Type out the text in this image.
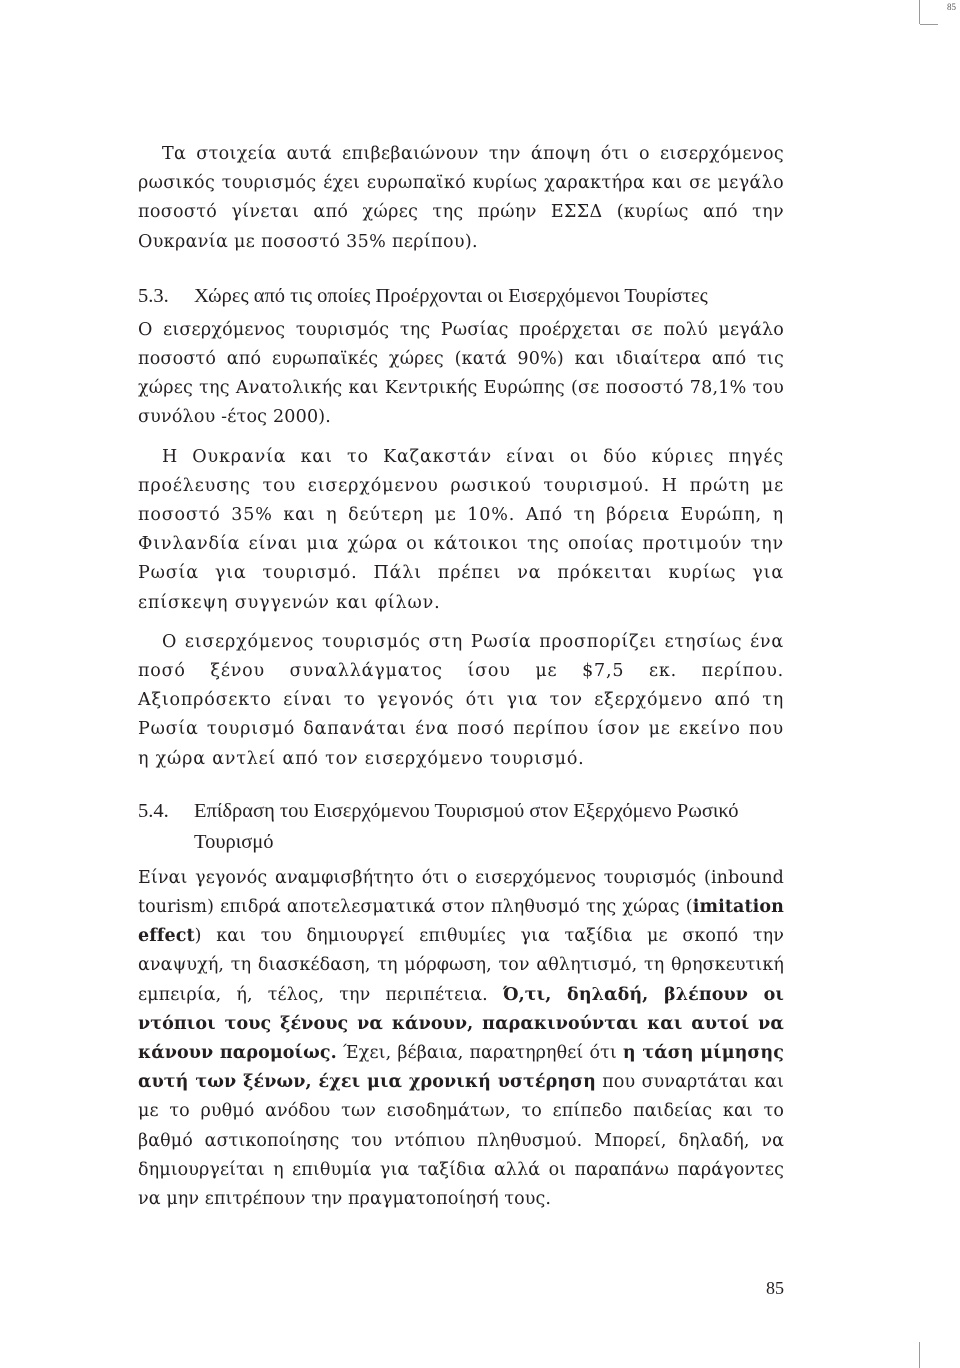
85

Τα στοιχεία αυτά επιβεβαιώνουν την άποψη ότι ο εισερχόμενος ρωσικός τουρισμός έχει ευρωπαϊκό κυρίως χαρακτήρα και σε μεγάλο ποσοστό γίνεται από χώρες της πρώην ΕΣΣΔ (κυρίως από την Ουκρανία με ποσοστό 35% περίπου).

5.3.	Χώρες από τις οποίες Προέρχονται οι Εισερχόμενοι Τουρίστες

Ο εισερχόμενος τουρισμός της Ρωσίας προέρχεται σε πολύ μεγάλο ποσοστό από ευρωπαϊκές χώρες (κατά 90%) και ιδιαίτερα από τις χώρες της Ανατολικής και Κεντρικής Ευρώπης (σε ποσοστό 78,1% του συνόλου -έτος 2000).

Η Ουκρανία και το Καζακστάν είναι οι δύο κύριες πηγές προέλευσης του εισερχόμενου ρωσικού τουρισμού. Η πρώτη με ποσοστό 35% και η δεύτερη με 10%. Από τη βόρεια Ευρώπη, η Φινλανδία είναι μια χώρα οι κάτοικοι της οποίας προτιμούν την Ρωσία για τουρισμό. Πάλι πρέπει να πρόκειται κυρίως για επίσκεψη συγγενών και φίλων.

Ο εισερχόμενος τουρισμός στη Ρωσία προσπορίζει ετησίως ένα ποσό ξένου συναλλάγματος ίσου με $7,5 εκ. περίπου. Αξιοπρόσεκτο είναι το γεγονός ότι για τον εξερχόμενο από τη Ρωσία τουρισμό δαπανάται ένα ποσό περίπου ίσον με εκείνο που η χώρα αντλεί από τον εισερχόμενο τουρισμό.

5.4.	Επίδραση του Εισερχόμενου Τουρισμού στον Εξερχόμενο Ρωσικό Τουρισμό

Είναι γεγονός αναμφισβήτητο ότι ο εισερχόμενος τουρισμός (inbound tourism) επιδρά αποτελεσματικά στον πληθυσμό της χώρας (imitation effect) και του δημιουργεί επιθυμίες για ταξίδια με σκοπό την αναψυχή, τη διασκέδαση, τη μόρφωση, τον αθλητισμό, τη θρησκευτική εμπειρία, ή, τέλος, την περιπέτεια. Ό,τι, δηλαδή, βλέπουν οι ντόπιοι τους ξένους να κάνουν, παρακινούνται και αυτοί να κάνουν παρομοίως. Έχει, βέβαια, παρατηρηθεί ότι η τάση μίμησης αυτή των ξένων, έχει μια χρονική υστέρηση που συναρτάται και με το ρυθμό ανόδου των εισοδημάτων, το επίπεδο παιδείας και το βαθμό αστικοποίησης του ντόπιου πληθυσμού. Μπορεί, δηλαδή, να δημιουργείται η επιθυμία για ταξίδια αλλά οι παραπάνω παράγοντες να μην επιτρέπουν την πραγματοποίησή τους.

85
